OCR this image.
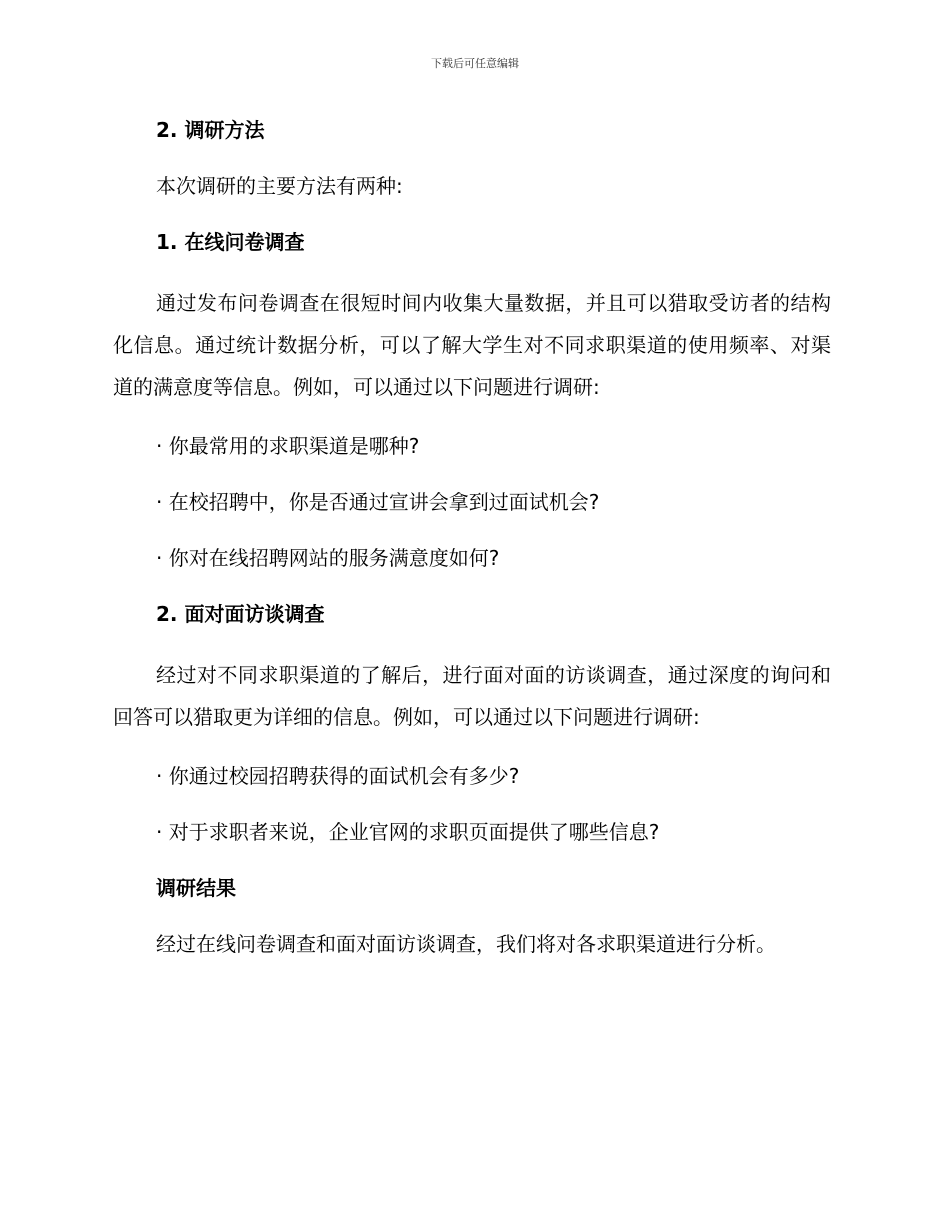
下载后可任意编辑

2. 调研方法

本次调研的主要方法有两种:

1. 在线问卷调查

通过发布问卷调查在很短时间内收集大量数据，并且可以猎取受访者的结构化信息。通过统计数据分析，可以了解大学生对不同求职渠道的使用频率、对渠道的满意度等信息。例如，可以通过以下问题进行调研:

· 你最常用的求职渠道是哪种?

· 在校招聘中，你是否通过宣讲会拿到过面试机会?

· 你对在线招聘网站的服务满意度如何?

2. 面对面访谈调查

经过对不同求职渠道的了解后，进行面对面的访谈调查，通过深度的询问和回答可以猎取更为详细的信息。例如，可以通过以下问题进行调研:

· 你通过校园招聘获得的面试机会有多少?

· 对于求职者来说，企业官网的求职页面提供了哪些信息?

调研结果

经过在线问卷调查和面对面访谈调查，我们将对各求职渠道进行分析。
